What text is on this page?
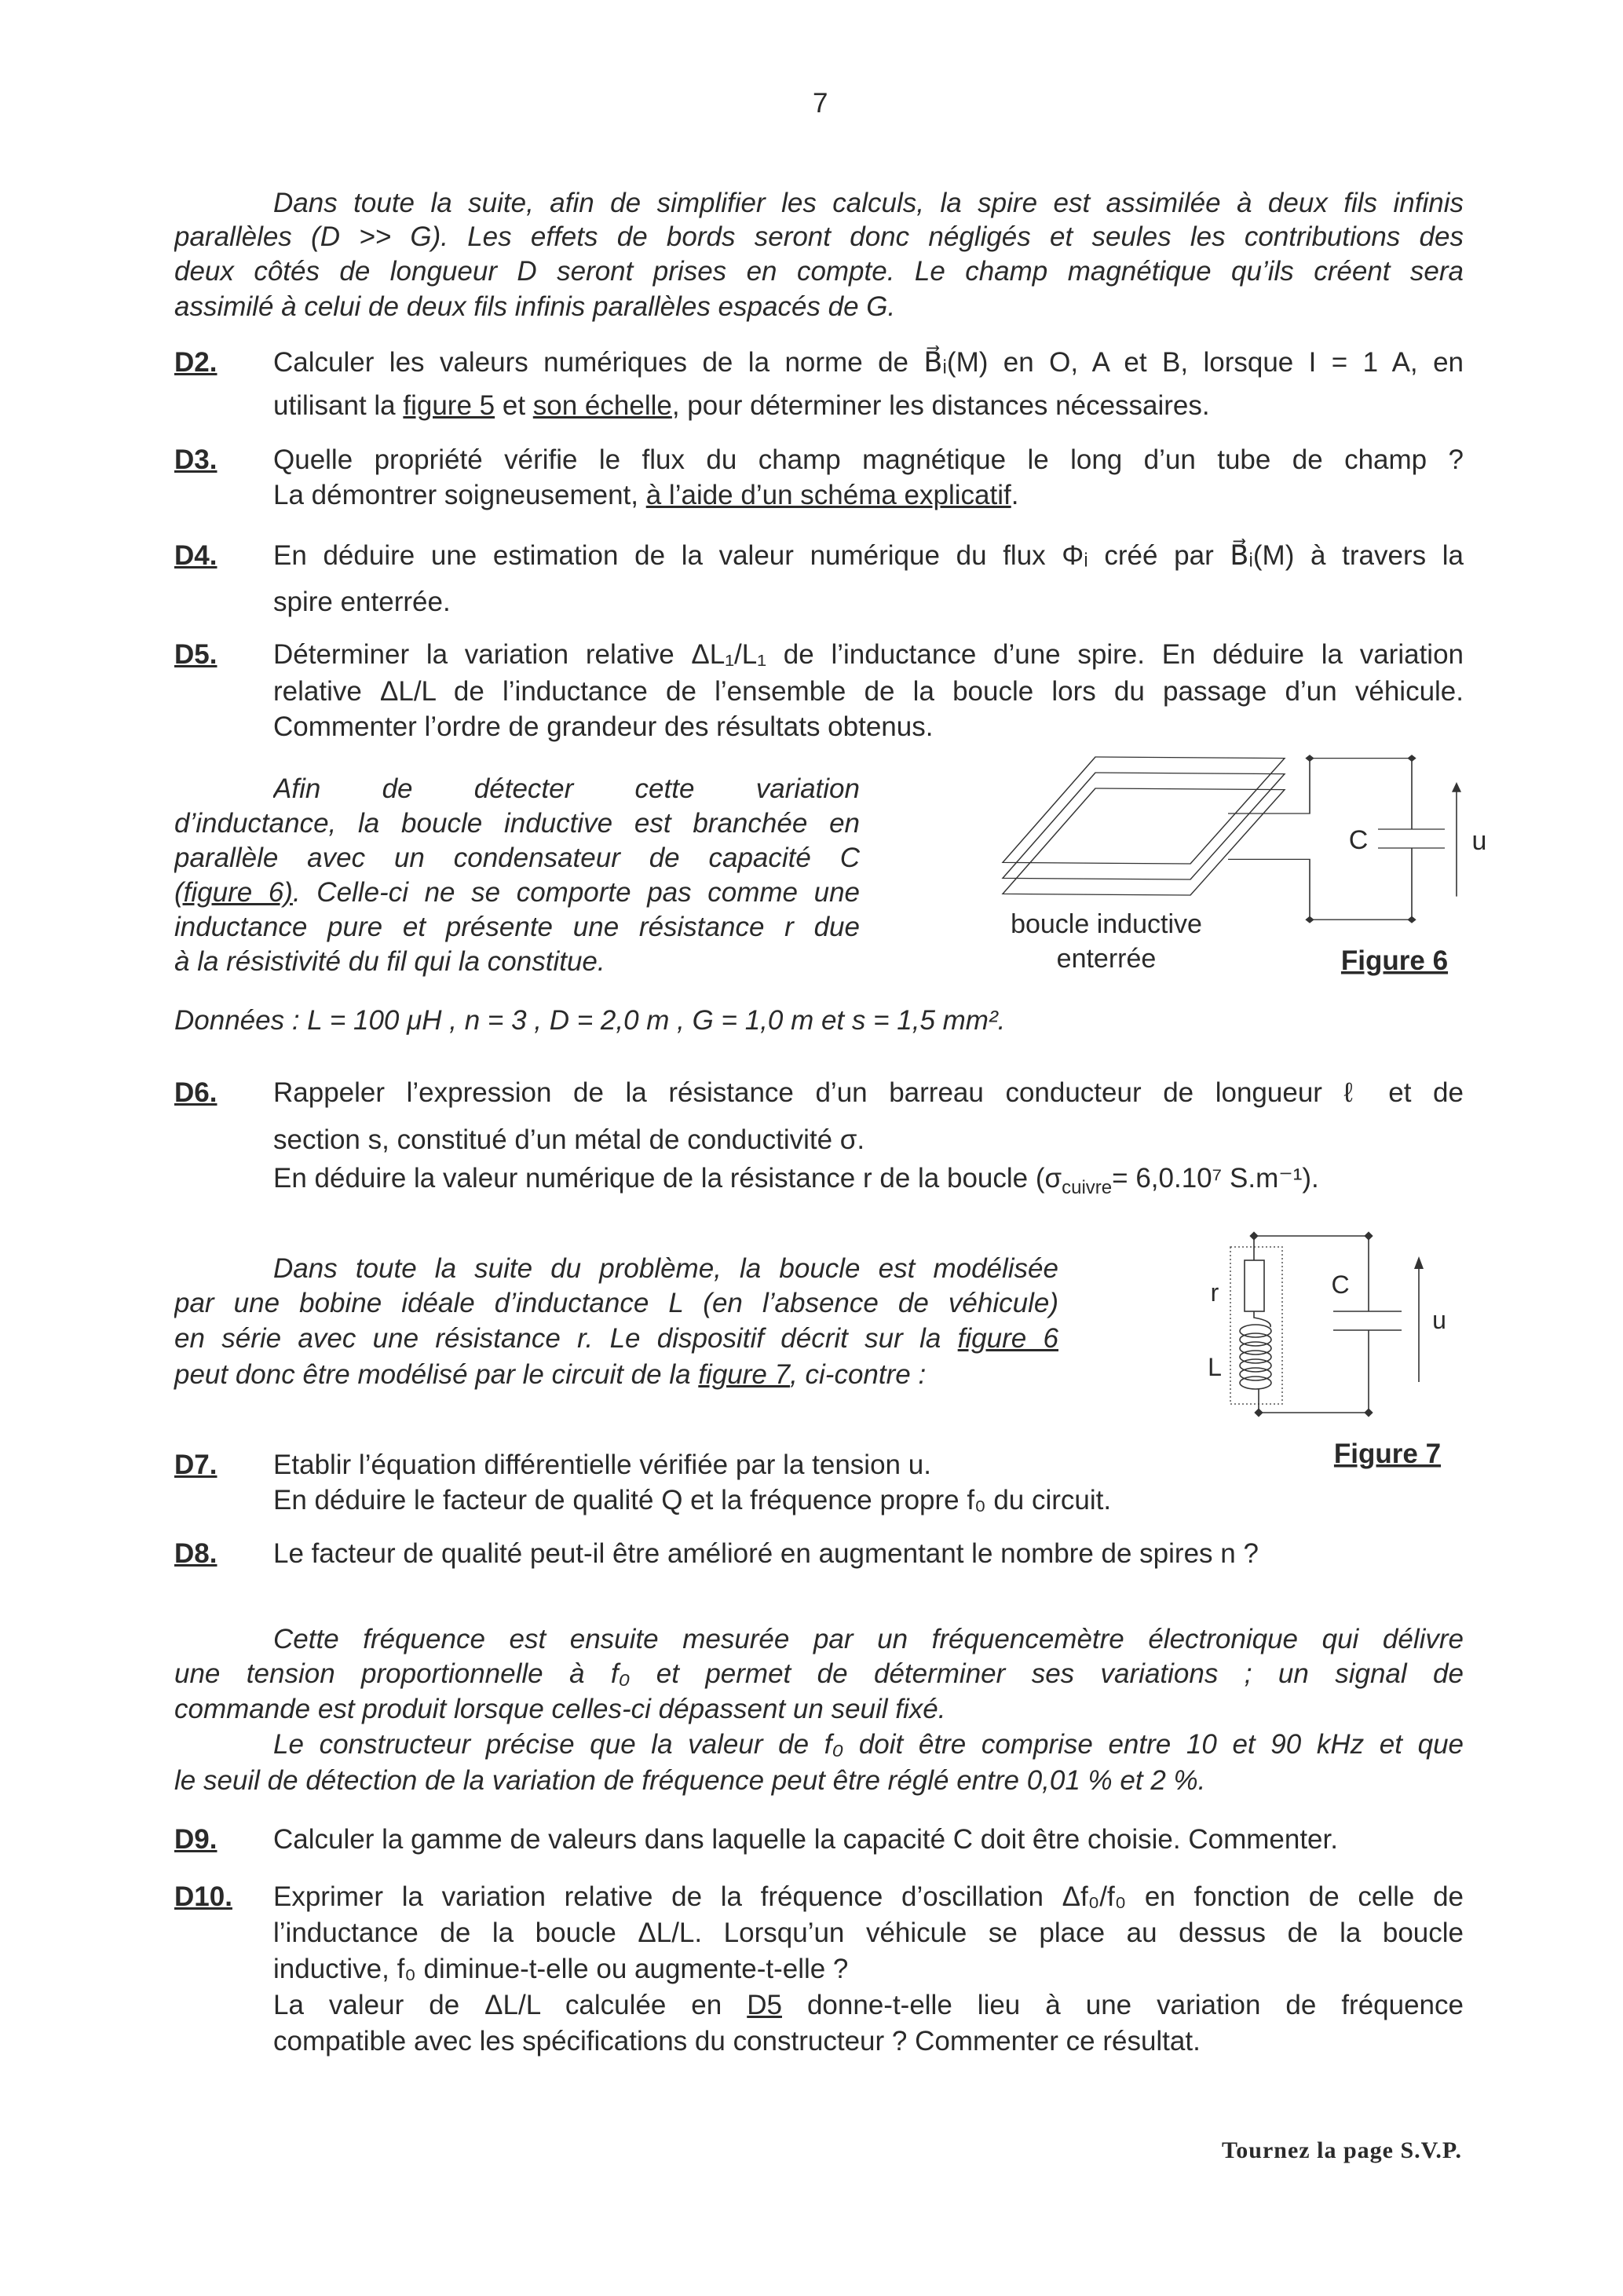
7
Dans toute la suite, afin de simplifier les calculs, la spire est assimilée à deux fils infinis
parallèles (D >> G). Les effets de bords seront donc négligés et seules les contributions des
deux côtés de longueur D seront prises en compte. Le champ magnétique qu’ils créent sera
assimilé à celui de deux fils infinis parallèles espacés de G.
D2. Calculer les valeurs numériques de la norme de B⃗ᵢ(M) en O, A et B, lorsque I = 1 A, en
utilisant la figure 5 et son échelle, pour déterminer les distances nécessaires.
D3. Quelle propriété vérifie le flux du champ magnétique le long d’un tube de champ ?
La démontrer soigneusement, à l’aide d’un schéma explicatif.
D4. En déduire une estimation de la valeur numérique du flux Φᵢ créé par B⃗ᵢ(M) à travers la
spire enterrée.
D5. Déterminer la variation relative ΔL₁/L₁ de l’inductance d’une spire. En déduire la variation
relative ΔL/L de l’inductance de l’ensemble de la boucle lors du passage d’un véhicule.
Commenter l’ordre de grandeur des résultats obtenus.
Afin de détecter cette variation
d’inductance, la boucle inductive est branchée en
parallèle avec un condensateur de capacité C
(figure 6). Celle-ci ne se comporte pas comme une
inductance pure et présente une résistance r due
à la résistivité du fil qui la constitue.
C	u
boucle inductive
enterrée	Figure 6
Données : L = 100 μH , n = 3 , D = 2,0 m , G = 1,0 m et s = 1,5 mm².
D6. Rappeler l’expression de la résistance d’un barreau conducteur de longueur ℓ et de
section s, constitué d’un métal de conductivité σ.
En déduire la valeur numérique de la résistance r de la boucle ($\sigma_{cuivre}= 6,0.10^7$ S.m⁻¹).
Dans toute la suite du problème, la boucle est modélisée
par une bobine idéale d’inductance L (en l’absence de véhicule)
en série avec une résistance r. Le dispositif décrit sur la figure 6
peut donc être modélisé par le circuit de la figure 7, ci-contre :
r
L
C
u
Figure 7
D7. Etablir l’équation différentielle vérifiée par la tension u.
En déduire le facteur de qualité Q et la fréquence propre f₀ du circuit.
D8. Le facteur de qualité peut-il être amélioré en augmentant le nombre de spires n ?
Cette fréquence est ensuite mesurée par un fréquencemètre électronique qui délivre
une tension proportionnelle à f₀ et permet de déterminer ses variations ; un signal de
commande est produit lorsque celles-ci dépassent un seuil fixé.
Le constructeur précise que la valeur de f₀ doit être comprise entre 10 et 90 kHz et que
le seuil de détection de la variation de fréquence peut être réglé entre 0,01 % et 2 %.
D9. Calculer la gamme de valeurs dans laquelle la capacité C doit être choisie. Commenter.
D10. Exprimer la variation relative de la fréquence d’oscillation Δf₀/f₀ en fonction de celle de
l’inductance de la boucle ΔL/L. Lorsqu’un véhicule se place au dessus de la boucle
inductive, f₀ diminue-t-elle ou augmente-t-elle ?
La valeur de ΔL/L calculée en D5 donne-t-elle lieu à une variation de fréquence
compatible avec les spécifications du constructeur ? Commenter ce résultat.
Tournez la page S.V.P.
